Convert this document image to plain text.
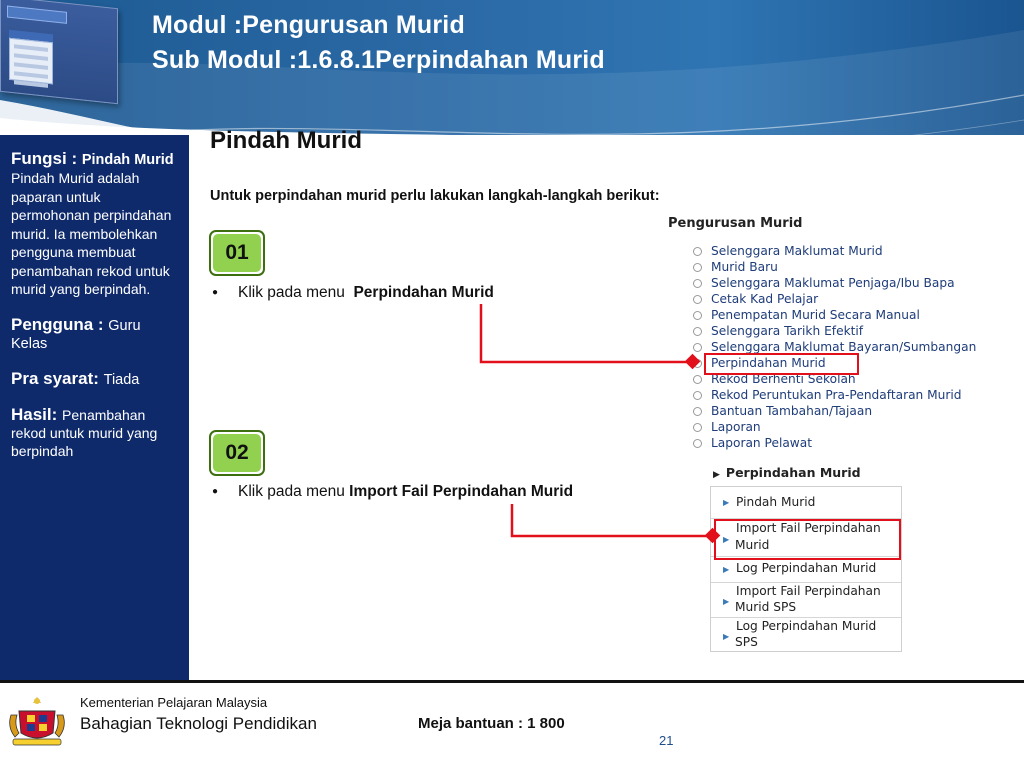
Modul :Pengurusan Murid
Sub Modul :1.6.8.1Perpindahan Murid
Fungsi : Pindah Murid
Pindah Murid adalah paparan untuk permohonan perpindahan murid. Ia membolehkan pengguna membuat penambahan rekod untuk murid yang berpindah.
Pengguna : Guru Kelas
Pra syarat: Tiada
Hasil: Penambahan rekod untuk murid yang berpindah
Pindah Murid
Untuk perpindahan murid perlu lakukan langkah-langkah berikut:
01
● Klik pada menu  Perpindahan Murid
02
● Klik pada menu Import Fail Perpindahan Murid
Pengurusan Murid
Selenggara Maklumat Murid
Murid Baru
Selenggara Maklumat Penjaga/Ibu Bapa
Cetak Kad Pelajar
Penempatan Murid Secara Manual
Selenggara Tarikh Efektif
Selenggara Maklumat Bayaran/Sumbangan
Perpindahan Murid
Rekod Berhenti Sekolah
Rekod Peruntukan Pra-Pendaftaran Murid
Bantuan Tambahan/Tajaan
Laporan
Laporan Pelawat
▶ Perpindahan Murid
▶ Pindah Murid
▶
Import Fail Perpindahan
Murid
▶ Log Perpindahan Murid
▶
Import Fail Perpindahan
Murid SPS
▶
Log Perpindahan Murid
SPS
Kementerian Pelajaran Malaysia
Bahagian Teknologi Pendidikan	Meja bantuan : 1 800
21
